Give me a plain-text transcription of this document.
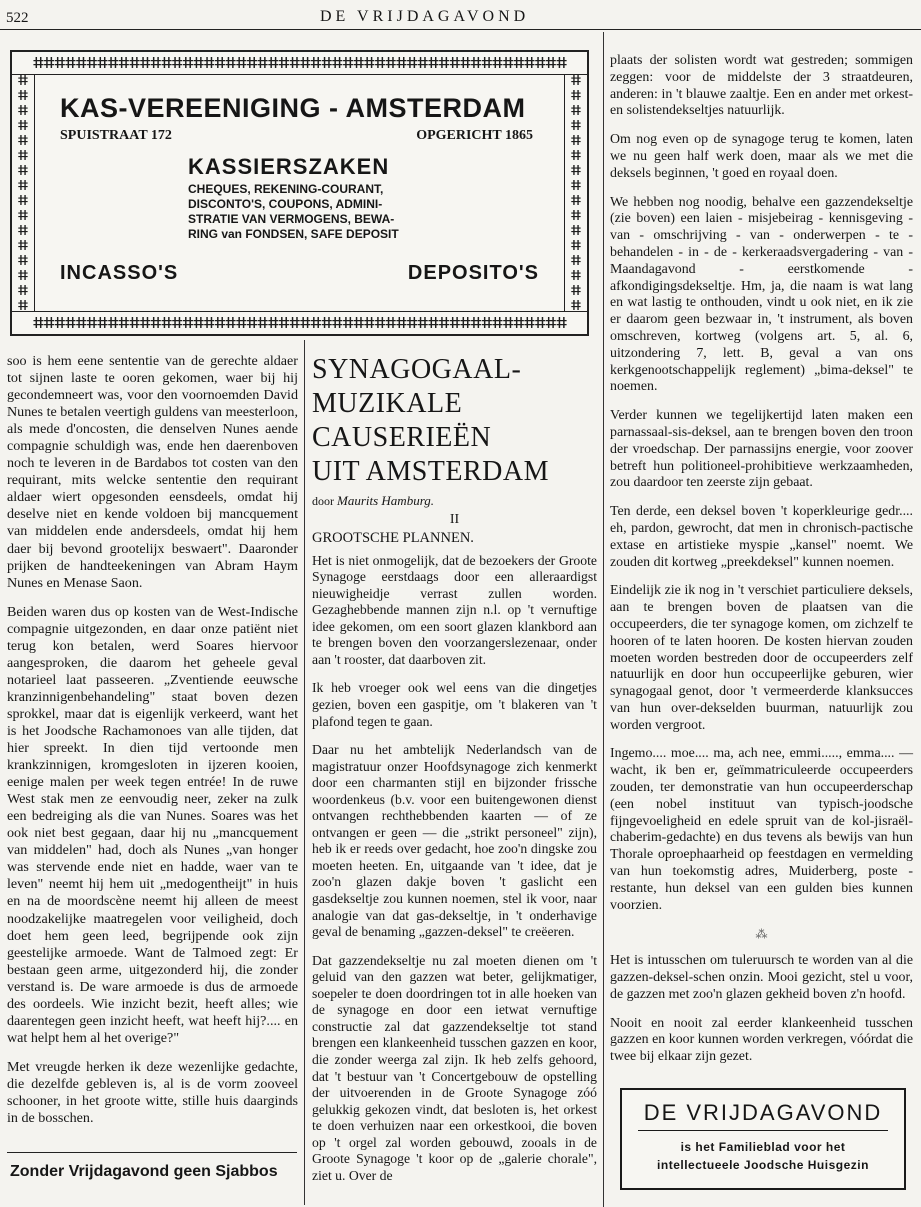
522	DE VRIJDAGAVOND
ⵌⵌⵌⵌⵌⵌⵌⵌⵌⵌⵌⵌⵌⵌⵌⵌⵌⵌⵌⵌⵌⵌⵌⵌⵌⵌⵌⵌⵌⵌⵌⵌⵌⵌⵌⵌⵌⵌⵌⵌⵌⵌⵌⵌⵌⵌⵌⵌⵌⵌ
ⵌ
ⵌ
ⵌ
ⵌ
ⵌ
ⵌ
ⵌ
ⵌ
ⵌ
ⵌ
ⵌ
ⵌ
ⵌ
ⵌ
ⵌ
ⵌ
ⵌ
ⵌ
ⵌ
ⵌ
ⵌ
ⵌ
ⵌ
ⵌ
ⵌ
ⵌ
ⵌ
ⵌ
ⵌ
ⵌ
ⵌ
ⵌ
KAS-VEREENIGING - AMSTERDAM
SPUISTRAAT 172	OPGERICHT 1865
KASSIERSZAKEN
CHEQUES, REKENING-COURANT,
DISCONTO'S, COUPONS, ADMINI-
STRATIE VAN VERMOGENS, BEWA-
RING van FONDSEN, SAFE DEPOSIT
INCASSO'S	DEPOSITO'S
ⵌⵌⵌⵌⵌⵌⵌⵌⵌⵌⵌⵌⵌⵌⵌⵌⵌⵌⵌⵌⵌⵌⵌⵌⵌⵌⵌⵌⵌⵌⵌⵌⵌⵌⵌⵌⵌⵌⵌⵌⵌⵌⵌⵌⵌⵌⵌⵌⵌⵌ

soo is hem eene sententie van de gerechte aldaer tot sijnen laste te ooren gekomen, waer bij hij gecondemneert was, voor den voornoemden David Nunes te betalen veertigh guldens van meesterloon, als mede d'oncosten, die denselven Nunes aende compagnie schuldigh was, ende hen daerenboven noch te leveren in de Bardabos tot costen van den requirant, mits welcke sententie den requirant aldaer wiert opgesonden eensdeels, omdat hij deselve niet en kende voldoen bij mancquement van middelen ende andersdeels, omdat hij hem daer bij bevond grootelijx beswaert". Daaronder prijken de handteekeningen van Abram Haym Nunes en Menase Saon.

Beiden waren dus op kosten van de West-Indische compagnie uitgezonden, en daar onze patiënt niet terug kon betalen, werd Soares hiervoor aangesproken, die daarom het geheele geval notarieel laat passeeren. „Zventiende eeuwsche kranzinnigenbehandeling" staat boven dezen sprokkel, maar dat is eigenlijk verkeerd, want het is het Joodsche Rachamonoes van alle tijden, dat hier spreekt. In dien tijd vertoonde men krankzinnigen, kromgesloten in ijzeren kooien, eenige malen per week tegen entrée! In de ruwe West stak men ze eenvoudig neer, zeker na zulk een bedreiging als die van Nunes. Soares was het ook niet best gegaan, daar hij nu „mancquement van middelen" had, doch als Nunes „van honger was stervende ende niet en hadde, waer van te leven" neemt hij hem uit „medogentheijt" in huis en na de moordscène neemt hij alleen de meest noodzakelijke maatregelen voor veiligheid, doch doet hem geen leed, begrijpende ook zijn geestelijke armoede. Want de Talmoed zegt: Er bestaan geen arme, uitgezonderd hij, die zonder verstand is. De ware armoede is dus de armoede des oordeels. Wie inzicht bezit, heeft alles; wie daarentegen geen inzicht heeft, wat heeft hij?.... en wat helpt hem al het overige?"

Met vreugde herken ik deze wezenlijke gedachte, die dezelfde gebleven is, al is de vorm zooveel schooner, in het groote witte, stille huis daarginds in de bosschen.

Zonder Vrijdagavond geen Sjabbos
SYNAGOGAAL-
MUZIKALE
CAUSERIEËN
UIT AMSTERDAM
door Maurits Hamburg.
II
GROOTSCHE PLANNEN.

Het is niet onmogelijk, dat de bezoekers der Groote Synagoge eerstdaags door een alleraardigst nieuwigheidje verrast zullen worden. Gezaghebbende mannen zijn n.l. op 't vernuftige idee gekomen, om een soort glazen klankbord aan te brengen boven den voorzangerslezenaar, onder aan 't rooster, dat daarboven zit.

Ik heb vroeger ook wel eens van die dingetjes gezien, boven een gaspitje, om 't blakeren van 't plafond tegen te gaan.

Daar nu het ambtelijk Nederlandsch van de magistratuur onzer Hoofdsynagoge zich kenmerkt door een charmanten stijl en bijzonder frissche woordenkeus (b.v. voor een buitengewonen dienst ontvangen rechthebbenden kaarten — of ze ontvangen er geen — die „strikt personeel" zijn), heb ik er reeds over gedacht, hoe zoo'n dingske zou moeten heeten. En, uitgaande van 't idee, dat je zoo'n glazen dakje boven 't gaslicht een gasdekseltje zou kunnen noemen, stel ik voor, naar analogie van dat gas-dekseltje, in 't onderhavige geval de benaming „gazzen-deksel" te creëeren.

Dat gazzendekseltje nu zal moeten dienen om 't geluid van den gazzen wat beter, gelijkmatiger, soepeler te doen doordringen tot in alle hoeken van de synagoge en door een ietwat vernuftige constructie zal dat gazzendekseltje tot stand brengen een klankeenheid tusschen gazzen en koor, die zonder weerga zal zijn. Ik heb zelfs gehoord, dat 't bestuur van 't Concertgebouw de opstelling der uitvoerenden in de Groote Synagoge zóó gelukkig gekozen vindt, dat besloten is, het orkest te doen verhuizen naar een orkestkooi, die boven op 't orgel zal worden gebouwd, zooals in de Groote Synagoge 't koor op de „galerie chorale", ziet u. Over de

plaats der solisten wordt wat gestreden; sommigen zeggen: voor de middelste der 3 straatdeuren, anderen: in 't blauwe zaaltje. Een en ander met orkest- en solistendekseltjes natuurlijk.

Om nog even op de synagoge terug te komen, laten we nu geen half werk doen, maar als we met die deksels beginnen, 't goed en royaal doen.

We hebben nog noodig, behalve een gazzendekseltje (zie boven) een laien - misjebeirag - kennisgeving - van - omschrijving - van - onderwerpen - te - behandelen - in - de - kerkeraadsvergadering - van - Maandagavond - eerstkomende - afkondigingsdekseltje. Hm, ja, die naam is wat lang en wat lastig te onthouden, vindt u ook niet, en ik zie er daarom geen bezwaar in, 't instrument, als boven omschreven, kortweg (volgens art. 5, al. 6, uitzondering 7, lett. B, geval a van ons kerkgenootschappelijk reglement) „bima-deksel" te noemen.

Verder kunnen we tegelijkertijd laten maken een parnassaal-sis-deksel, aan te brengen boven den troon der vroedschap. Der parnassijns energie, voor zoover betreft hun politioneel-prohibitieve werkzaamheden, zou daardoor ten zeerste zijn gebaat.

Ten derde, een deksel boven 't koperkleurige gedr.... eh, pardon, gewrocht, dat men in chronisch-pactische extase en artistieke myspie „kansel" noemt. We zouden dit kortweg „preekdeksel" kunnen noemen.

Eindelijk zie ik nog in 't verschiet particuliere deksels, aan te brengen boven de plaatsen van die occupeerders, die ter synagoge komen, om zichzelf te hooren of te laten hooren. De kosten hiervan zouden moeten worden bestreden door de occupeerders zelf natuurlijk en door hun occupeerlijke geburen, wier synagogaal genot, door 't vermeerderde klanksucces van hun over-dekselden buurman, natuurlijk zou worden vergroot.

Ingemo.... moe.... ma, ach nee, emmi....., emma.... — wacht, ik ben er, geïmmatriculeerde occupeerders zouden, ter demonstratie van hun occupeerderschap (een nobel instituut van typisch-joodsche fijngevoeligheid en edele spruit van de kol-jisraël-chaberim-gedachte) en dus tevens als bewijs van hun Thorale oproephaarheid op feestdagen en vermelding van hun toekomstig adres, Muiderberg, poste - restante, hun deksel van een gulden bies kunnen voorzien.

⁂

Het is intusschen om tuleruursch te worden van al die gazzen-deksel-schen onzin. Mooi gezicht, stel u voor, de gazzen met zoo'n glazen gekheid boven z'n hoofd.

Nooit en nooit zal eerder klankeenheid tusschen gazzen en koor kunnen worden verkregen, vóórdat die twee bij elkaar zijn gezet.

DE VRIJDAGAVOND
is het Familieblad voor het
intellectueele Joodsche Huisgezin
